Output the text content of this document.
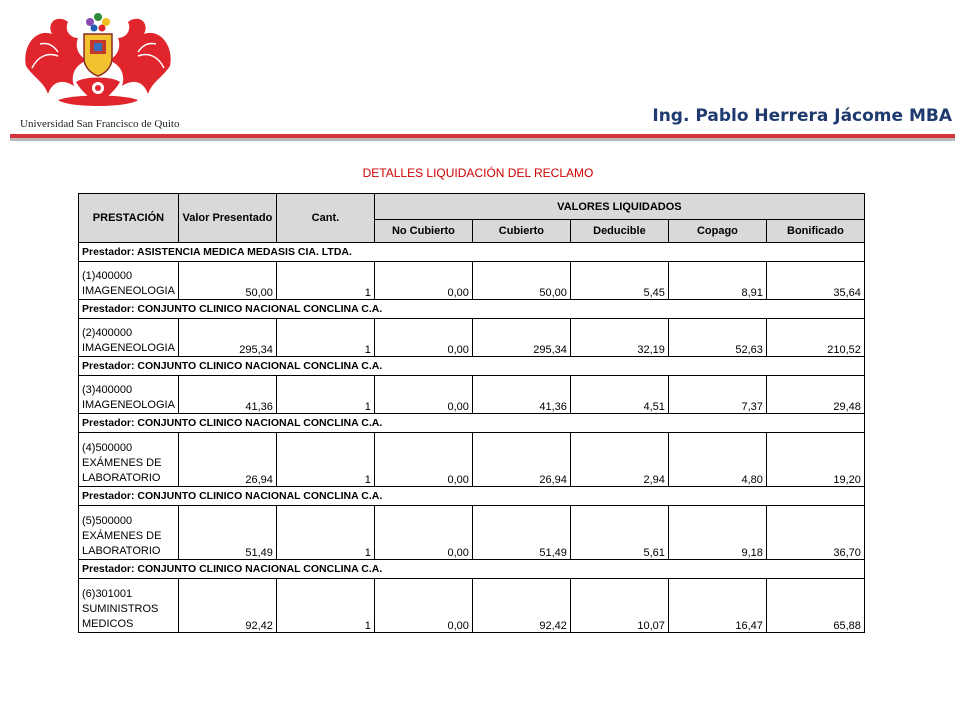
Universidad San Francisco de Quito	Ing. Pablo Herrera Jácome MBA
DETALLES LIQUIDACIÓN DEL RECLAMO
PRESTACIÓN	Valor Presentado	Cant.	VALORES LIQUIDADOS				
			No Cubierto	Cubierto	Deducible	Copago	Bonificado
Prestador: ASISTENCIA MEDICA MEDASIS CIA. LTDA.							

(1)400000
IMAGENEOLOGIA	50,00	1	0,00	50,00	5,45	8,91	35,64
Prestador: CONJUNTO CLINICO NACIONAL CONCLINA C.A.							

(2)400000
IMAGENEOLOGIA	295,34	1	0,00	295,34	32,19	52,63	210,52
Prestador: CONJUNTO CLINICO NACIONAL CONCLINA C.A.							

(3)400000
IMAGENEOLOGIA	41,36	1	0,00	41,36	4,51	7,37	29,48
Prestador: CONJUNTO CLINICO NACIONAL CONCLINA C.A.							

(4)500000
EXÁMENES DE
LABORATORIO	26,94	1	0,00	26,94	2,94	4,80	19,20
Prestador: CONJUNTO CLINICO NACIONAL CONCLINA C.A.							

(5)500000
EXÁMENES DE
LABORATORIO	51,49	1	0,00	51,49	5,61	9,18	36,70
Prestador: CONJUNTO CLINICO NACIONAL CONCLINA C.A.							

(6)301001
SUMINISTROS
MEDICOS	92,42	1	0,00	92,42	10,07	16,47	65,88
